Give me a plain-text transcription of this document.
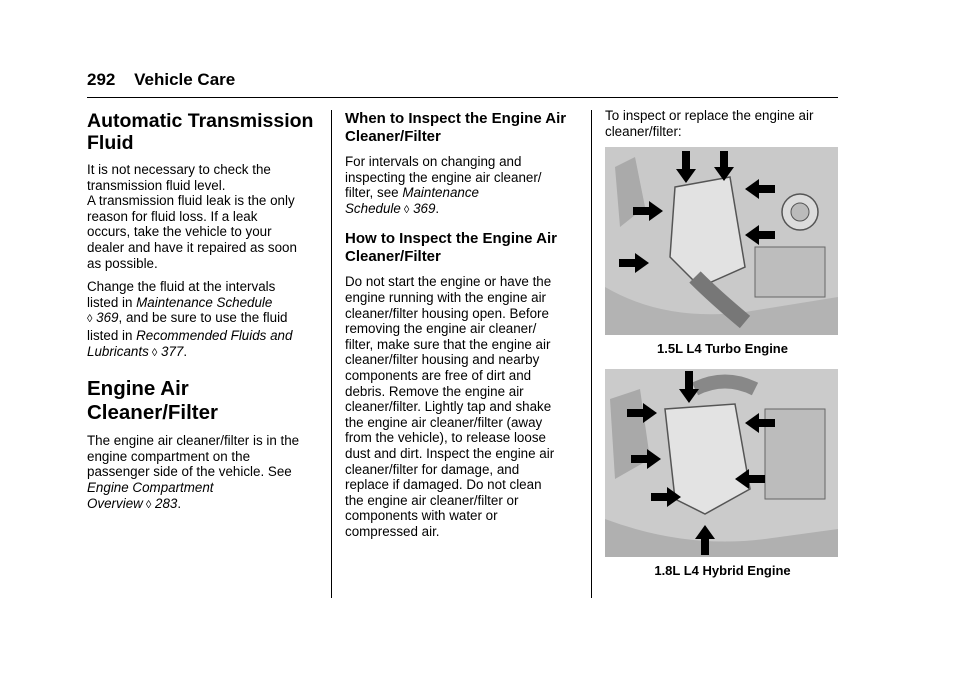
292 Vehicle Care
Automatic Transmission
Fluid

It is not necessary to check the
transmission fluid level.
A transmission fluid leak is the only
reason for fluid loss. If a leak
occurs, take the vehicle to your
dealer and have it repaired as soon
as possible.

Change the fluid at the intervals
listed in Maintenance Schedule
◊ 369, and be sure to use the fluid
listed in Recommended Fluids and
Lubricants ◊ 377.

Engine Air Cleaner/Filter

The engine air cleaner/filter is in the
engine compartment on the
passenger side of the vehicle. See
Engine Compartment
Overview ◊ 283.

When to Inspect the Engine Air
Cleaner/Filter

For intervals on changing and
inspecting the engine air cleaner/
filter, see Maintenance
Schedule ◊ 369.

How to Inspect the Engine Air
Cleaner/Filter

Do not start the engine or have the
engine running with the engine air
cleaner/filter housing open. Before
removing the engine air cleaner/
filter, make sure that the engine air
cleaner/filter housing and nearby
components are free of dirt and
debris. Remove the engine air
cleaner/filter. Lightly tap and shake
the engine air cleaner/filter (away
from the vehicle), to release loose
dust and dirt. Inspect the engine air
cleaner/filter for damage, and
replace if damaged. Do not clean
the engine air cleaner/filter or
components with water or
compressed air.

To inspect or replace the engine air
cleaner/filter:

1.5L L4 Turbo Engine
1.8L L4 Hybrid Engine
